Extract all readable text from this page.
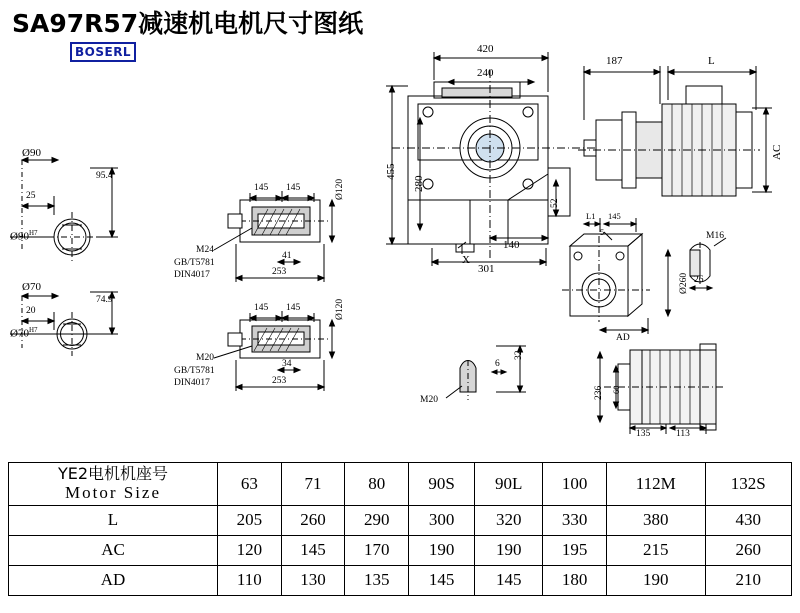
SA97R57减速机电机尺寸图纸
BOSERL
Ø90
25
95.4
$Ø90^{H7}$
Ø70
20
74.9
$Ø70^{H7}$
145 145	Ø120
M24
GB/T5781
DIN4017
41
253
145 145	Ø120
M20
GB/T5781
DIN4017
34
253
420
240
187	L
455
280
52
140
301
X
AC
L1 145
5
Ø260
AD
M16
26
32
6
M20	236 60
135	113
YE2电机机座号
Motor Size	63	71	80	90S	90L	100	112M	132S
L	205	260	290	300	320	330	380	430
AC	120	145	170	190	190	195	215	260
AD	110	130	135	145	145	180	190	210
